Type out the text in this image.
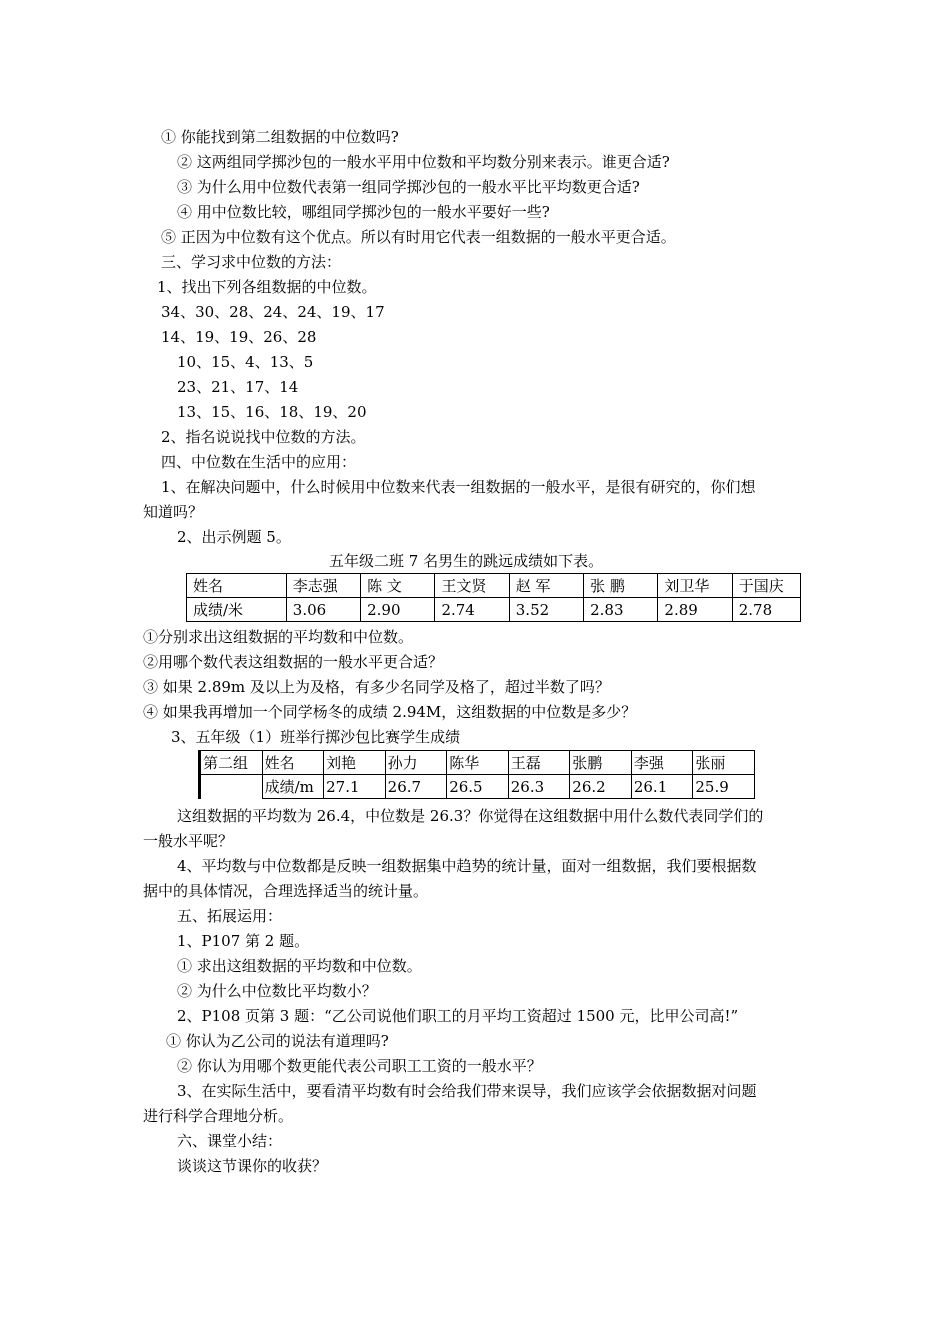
① 你能找到第二组数据的中位数吗?
② 这两组同学掷沙包的一般水平用中位数和平均数分别来表示。谁更合适?
③ 为什么用中位数代表第一组同学掷沙包的一般水平比平均数更合适?
④ 用中位数比较，哪组同学掷沙包的一般水平要好一些?
⑤ 正因为中位数有这个优点。所以有时用它代表一组数据的一般水平更合适。
三、学习求中位数的方法：
1、找出下列各组数据的中位数。
34、30、28、24、24、19、17
14、19、19、26、28
10、15、4、13、5
23、21、17、14
13、15、16、18、19、20
2、指名说说找中位数的方法。
四、中位数在生活中的应用：
1、在解决问题中，什么时候用中位数来代表一组数据的一般水平，是很有研究的，你们想
知道吗？
2、出示例题 5。
五年级二班 7 名男生的跳远成绩如下表。
姓名	李志强	陈 文	王文贤	赵 军	张 鹏	刘卫华	于国庆
成绩/米	3.06	2.90	2.74	3.52	2.83	2.89	2.78
①分别求出这组数据的平均数和中位数。
②用哪个数代表这组数据的一般水平更合适？
③ 如果 2.89m 及以上为及格，有多少名同学及格了，超过半数了吗？
④ 如果我再增加一个同学杨冬的成绩 2.94M，这组数据的中位数是多少？
3、五年级（1）班举行掷沙包比赛学生成绩
第二组	姓名	刘艳	孙力	陈华	王磊	张鹏	李强	张丽
	成绩/m	27.1	26.7	26.5	26.3	26.2	26.1	25.9
这组数据的平均数为 26.4，中位数是 26.3？你觉得在这组数据中用什么数代表同学们的
一般水平呢？
4、平均数与中位数都是反映一组数据集中趋势的统计量，面对一组数据，我们要根据数
据中的具体情况，合理选择适当的统计量。
五、拓展运用：
1、P107 第 2 题。
① 求出这组数据的平均数和中位数。
② 为什么中位数比平均数小？
2、P108 页第 3 题：“乙公司说他们职工的月平均工资超过 1500 元，比甲公司高!”
① 你认为乙公司的说法有道理吗?
② 你认为用哪个数更能代表公司职工工资的一般水平？
3、在实际生活中，要看清平均数有时会给我们带来误导，我们应该学会依据数据对问题
进行科学合理地分析。
六、课堂小结：
谈谈这节课你的收获？
